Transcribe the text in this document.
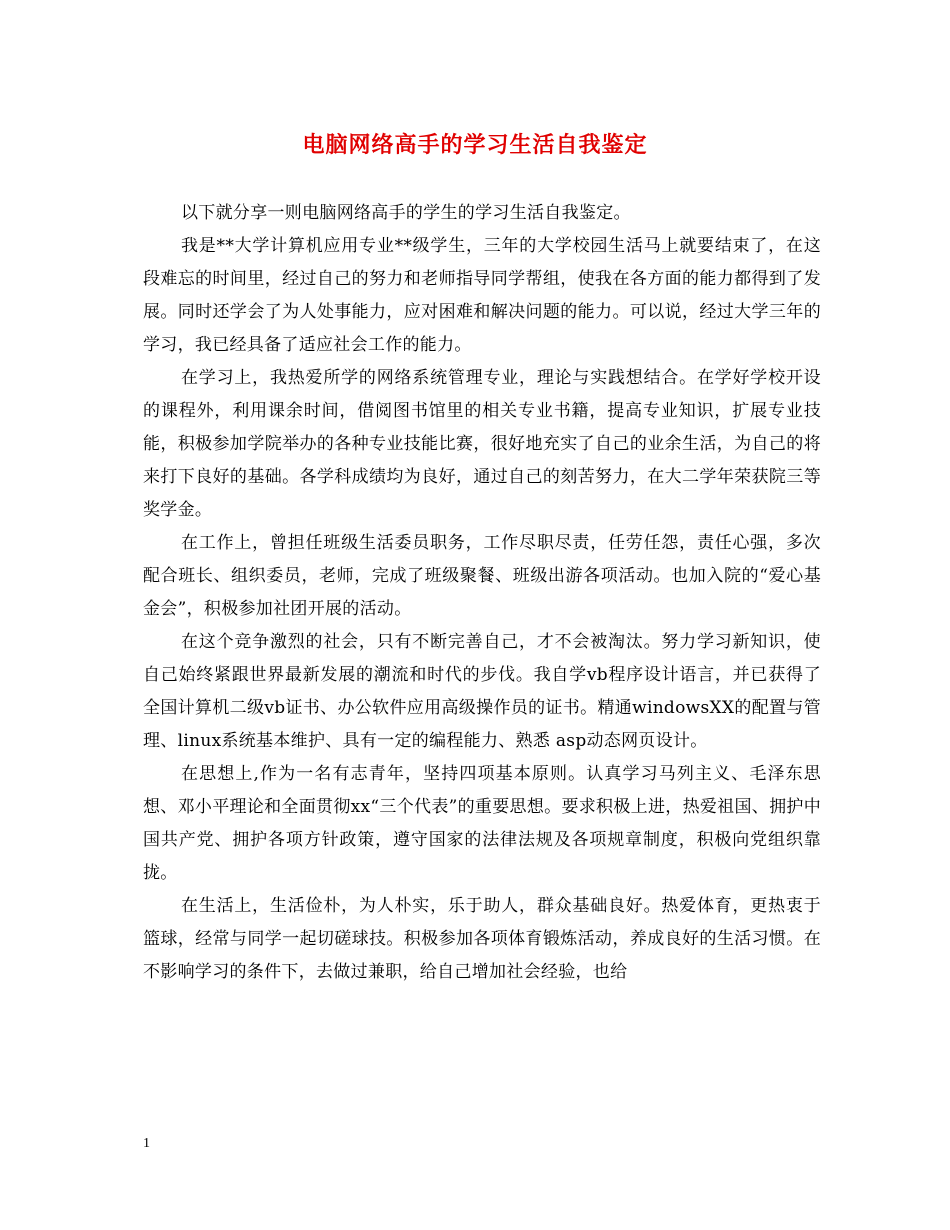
电脑网络高手的学习生活自我鉴定

以下就分享一则电脑网络高手的学生的学习生活自我鉴定。

我是**大学计算机应用专业**级学生，三年的大学校园生活马上就要结束了，在这段难忘的时间里，经过自己的努力和老师指导同学帮组，使我在各方面的能力都得到了发展。同时还学会了为人处事能力，应对困难和解决问题的能力。可以说，经过大学三年的学习，我已经具备了适应社会工作的能力。

在学习上，我热爱所学的网络系统管理专业，理论与实践想结合。在学好学校开设的课程外，利用课余时间，借阅图书馆里的相关专业书籍，提高专业知识，扩展专业技能，积极参加学院举办的各种专业技能比赛，很好地充实了自己的业余生活，为自己的将来打下良好的基础。各学科成绩均为良好，通过自己的刻苦努力，在大二学年荣获院三等奖学金。

在工作上，曾担任班级生活委员职务，工作尽职尽责，任劳任怨，责任心强，多次配合班长、组织委员，老师，完成了班级聚餐、班级出游各项活动。也加入院的“爱心基金会”，积极参加社团开展的活动。

在这个竞争激烈的社会，只有不断完善自己，才不会被淘汰。努力学习新知识，使自己始终紧跟世界最新发展的潮流和时代的步伐。我自学vb程序设计语言，并已获得了全国计算机二级vb证书、办公软件应用高级操作员的证书。精通windowsXX的配置与管理、linux系统基本维护、具有一定的编程能力、熟悉 asp动态网页设计。

在思想上,作为一名有志青年，坚持四项基本原则。认真学习马列主义、毛泽东思想、邓小平理论和全面贯彻xx“三个代表”的重要思想。要求积极上进，热爱祖国、拥护中国共产党、拥护各项方针政策，遵守国家的法律法规及各项规章制度，积极向党组织靠拢。

在生活上，生活俭朴，为人朴实，乐于助人，群众基础良好。热爱体育，更热衷于篮球，经常与同学一起切磋球技。积极参加各项体育锻炼活动，养成良好的生活习惯。在不影响学习的条件下，去做过兼职，给自己增加社会经验，也给

1
